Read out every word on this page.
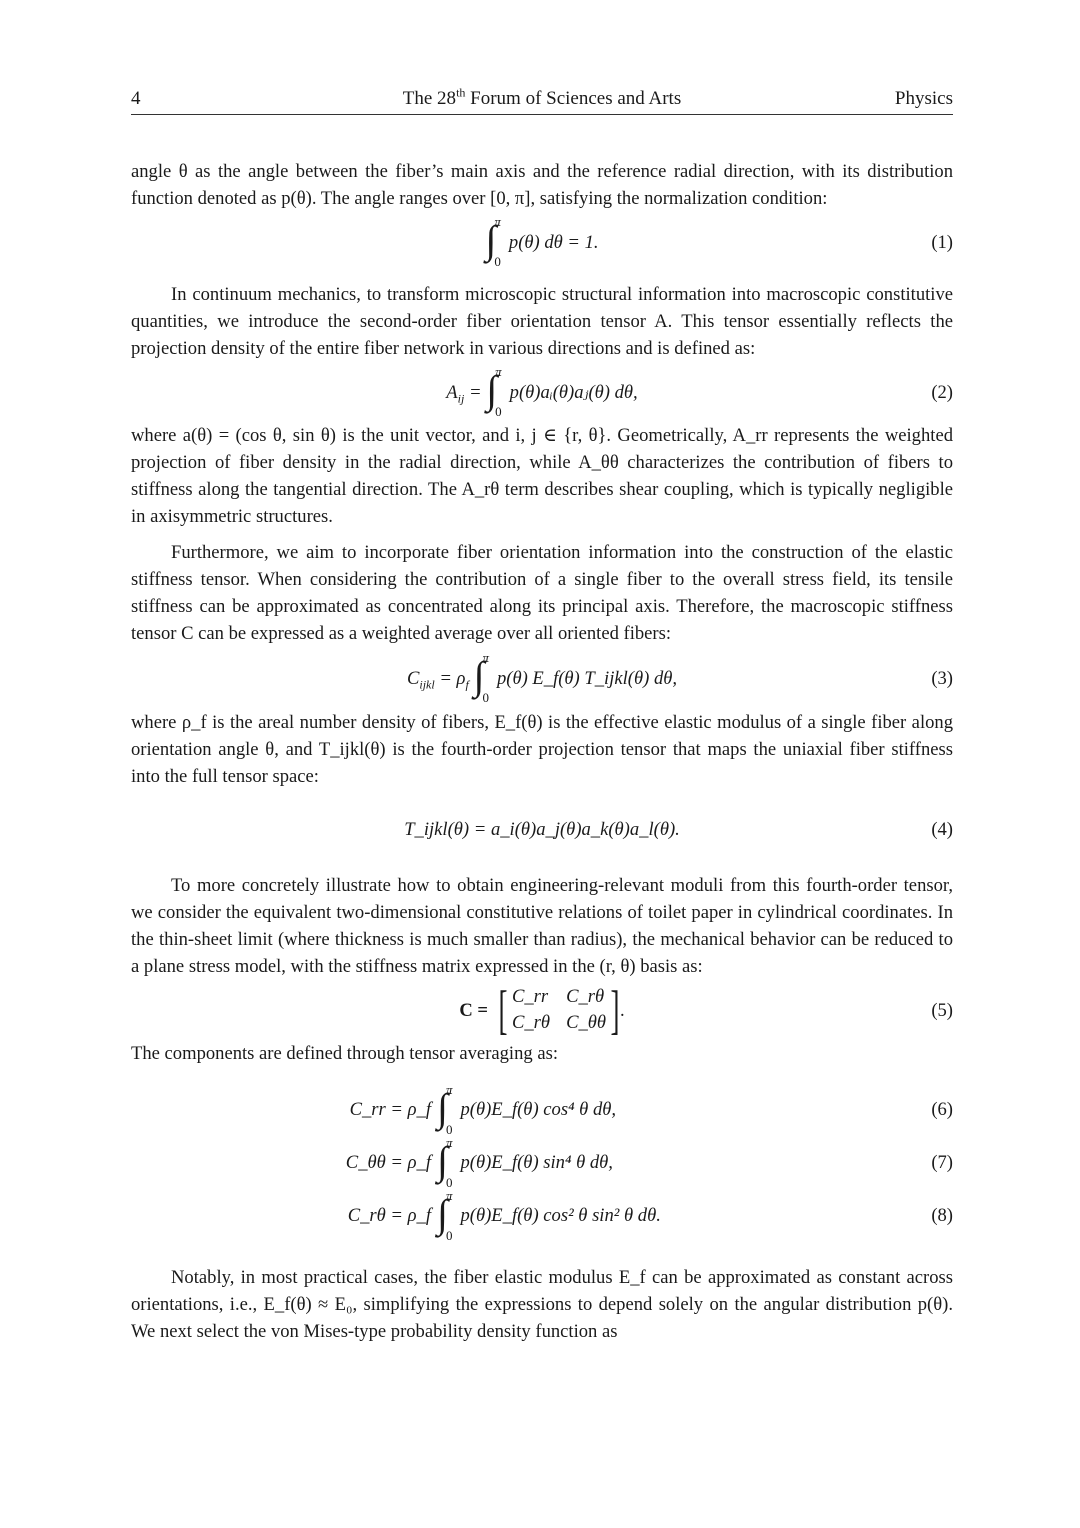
4	The 28th Forum of Sciences and Arts	Physics

angle θ as the angle between the fiber’s main axis and the reference radial direction, with its distribution function denoted as p(θ). The angle ranges over [0, π], satisfying the normalization condition:

∫
π
0
p(θ) dθ = 1.	(1)

In continuum mechanics, to transform microscopic structural information into macroscopic constitutive quantities, we introduce the second-order fiber orientation tensor A. This tensor essentially reflects the projection density of the entire fiber network in various directions and is defined as:

$A_{ij}$ = ∫
π
0
p(θ)aᵢ(θ)aⱼ(θ) dθ,	(2)

where a(θ) = (cos θ, sin θ) is the unit vector, and i, j ∈ {r, θ}. Geometrically, A_rr represents the weighted projection of fiber density in the radial direction, while A_θθ characterizes the contribution of fibers to stiffness along the tangential direction. The A_rθ term describes shear coupling, which is typically negligible in axisymmetric structures.

Furthermore, we aim to incorporate fiber orientation information into the construction of the elastic stiffness tensor. When considering the contribution of a single fiber to the overall stress field, its tensile stiffness can be approximated as concentrated along its principal axis. Therefore, the macroscopic stiffness tensor C can be expressed as a weighted average over all oriented fibers:

$C_{ijkl} = \rho_f$ ∫
π
0
p(θ) E_f(θ) T_ijkl(θ) dθ,	(3)

where ρ_f is the areal number density of fibers, E_f(θ) is the effective elastic modulus of a single fiber along orientation angle θ, and T_ijkl(θ) is the fourth-order projection tensor that maps the uniaxial fiber stiffness into the full tensor space:

T_ijkl(θ) = a_i(θ)a_j(θ)a_k(θ)a_l(θ).	(4)

To more concretely illustrate how to obtain engineering-relevant moduli from this fourth-order tensor, we consider the equivalent two-dimensional constitutive relations of toilet paper in cylindrical coordinates. In the thin-sheet limit (where thickness is much smaller than radius), the mechanical behavior can be reduced to a plane stress model, with the stiffness matrix expressed in the (r, θ) basis as:

C = [ C_rr C_rθ
C_rθ C_θθ ] .	(5)

The components are defined through tensor averaging as:

C_rr = ρ_f ∫
π
0
p(θ)E_f(θ) cos⁴ θ dθ,	(6)
C_θθ = ρ_f ∫
π
0
p(θ)E_f(θ) sin⁴ θ dθ,	(7)
C_rθ = ρ_f ∫
π
0
p(θ)E_f(θ) cos² θ sin² θ dθ.	(8)

Notably, in most practical cases, the fiber elastic modulus E_f can be approximated as constant across orientations, i.e., E_f(θ) ≈ E₀, simplifying the expressions to depend solely on the angular distribution p(θ). We next select the von Mises-type probability density function as
